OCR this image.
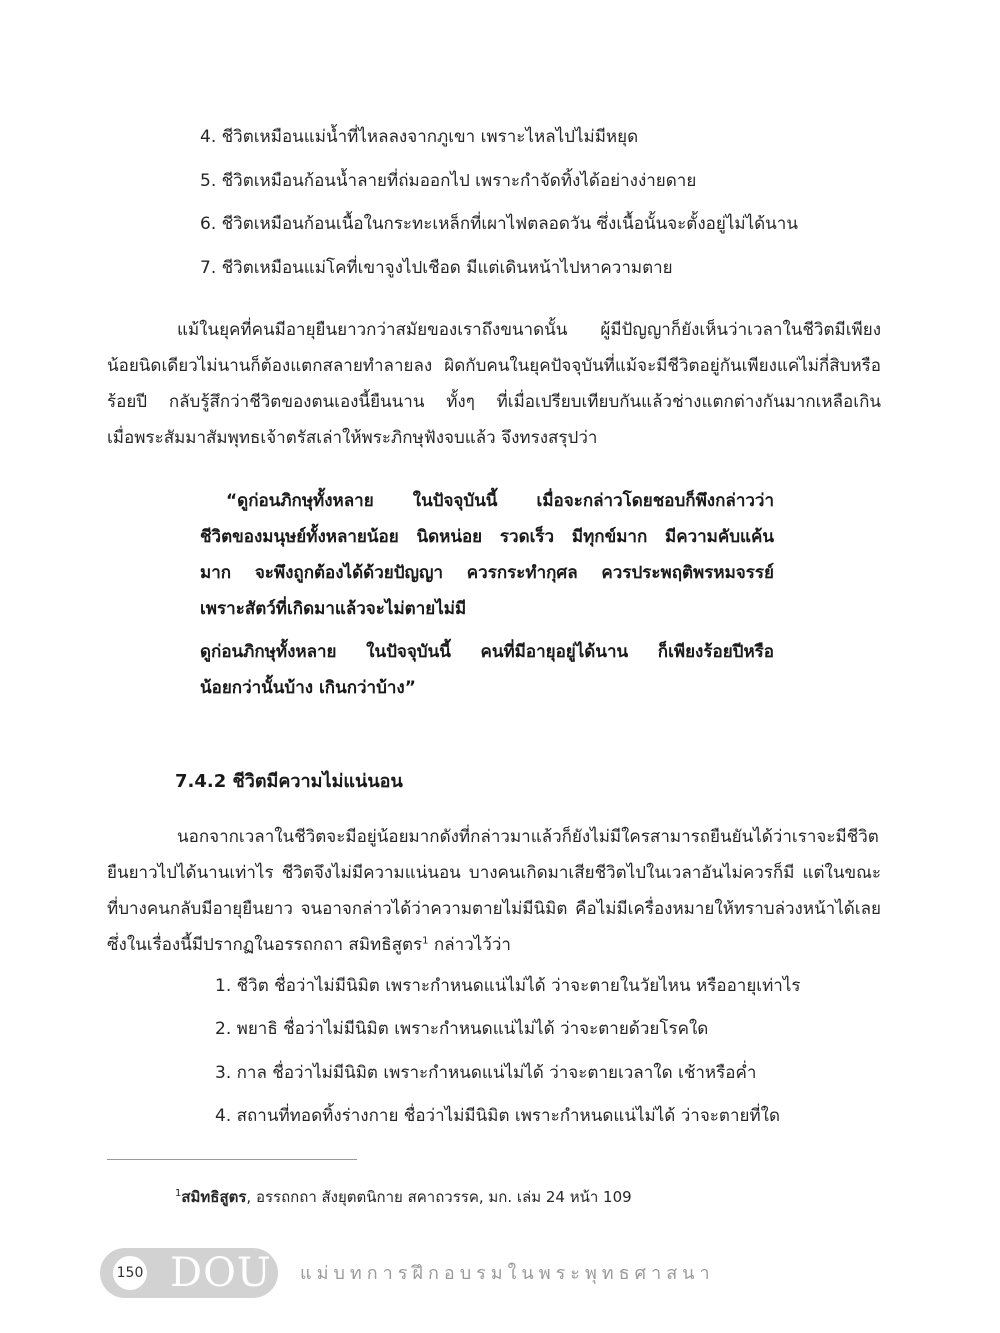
4. ชีวิตเหมือนแม่น้ำที่ไหลลงจากภูเขา เพราะไหลไปไม่มีหยุด
5. ชีวิตเหมือนก้อนน้ำลายที่ถ่มออกไป เพราะกำจัดทิ้งได้อย่างง่ายดาย
6. ชีวิตเหมือนก้อนเนื้อในกระทะเหล็กที่เผาไฟตลอดวัน ซึ่งเนื้อนั้นจะตั้งอยู่ไม่ได้นาน
7. ชีวิตเหมือนแม่โคที่เขาจูงไปเชือด มีแต่เดินหน้าไปหาความตาย
แม้ในยุคที่คนมีอายุยืนยาวกว่าสมัยของเราถึงขนาดนั้น ผู้มีปัญญาก็ยังเห็นว่าเวลาในชีวิตมีเพียง
น้อยนิดเดียวไม่นานก็ต้องแตกสลายทำลายลง ผิดกับคนในยุคปัจจุบันที่แม้จะมีชีวิตอยู่กันเพียงแค่ไม่กี่สิบหรือ
ร้อยปี กลับรู้สึกว่าชีวิตของตนเองนี้ยืนนาน ทั้งๆ ที่เมื่อเปรียบเทียบกันแล้วช่างแตกต่างกันมากเหลือเกิน
เมื่อพระสัมมาสัมพุทธเจ้าตรัสเล่าให้พระภิกษุฟังจบแล้ว จึงทรงสรุปว่า
“ดูก่อนภิกษุทั้งหลาย ในปัจจุบันนี้ เมื่อจะกล่าวโดยชอบก็พึงกล่าวว่า
ชีวิตของมนุษย์ทั้งหลายน้อย นิดหน่อย รวดเร็ว มีทุกข์มาก มีความคับแค้น
มาก จะพึงถูกต้องได้ด้วยปัญญา ควรกระทำกุศล ควรประพฤติพรหมจรรย์
เพราะสัตว์ที่เกิดมาแล้วจะไม่ตายไม่มี
ดูก่อนภิกษุทั้งหลาย ในปัจจุบันนี้ คนที่มีอายุอยู่ได้นาน ก็เพียงร้อยปีหรือ
น้อยกว่านั้นบ้าง เกินกว่าบ้าง”
7.4.2 ชีวิตมีความไม่แน่นอน
นอกจากเวลาในชีวิตจะมีอยู่น้อยมากดังที่กล่าวมาแล้วก็ยังไม่มีใครสามารถยืนยันได้ว่าเราจะมีชีวิต
ยืนยาวไปได้นานเท่าไร ชีวิตจึงไม่มีความแน่นอน บางคนเกิดมาเสียชีวิตไปในเวลาอันไม่ควรก็มี แต่ในขณะ
ที่บางคนกลับมีอายุยืนยาว จนอาจกล่าวได้ว่าความตายไม่มีนิมิต คือไม่มีเครื่องหมายให้ทราบล่วงหน้าได้เลย
ซึ่งในเรื่องนี้มีปรากฏในอรรถกถา สมิทธิสูตร$^1$ กล่าวไว้ว่า
1. ชีวิต ชื่อว่าไม่มีนิมิต เพราะกำหนดแน่ไม่ได้ ว่าจะตายในวัยไหน หรืออายุเท่าไร
2. พยาธิ ชื่อว่าไม่มีนิมิต เพราะกำหนดแน่ไม่ได้ ว่าจะตายด้วยโรคใด
3. กาล ชื่อว่าไม่มีนิมิต เพราะกำหนดแน่ไม่ได้ ว่าจะตายเวลาใด เช้าหรือค่ำ
4. สถานที่ทอดทิ้งร่างกาย ชื่อว่าไม่มีนิมิต เพราะกำหนดแน่ไม่ได้ ว่าจะตายที่ใด
$^1$สมิทธิสูตร, อรรถกถา สังยุตตนิกาย สคาถวรรค, มก. เล่ม 24 หน้า 109
150 DOU แม่บทการฝึกอบรมในพระพุทธศาสนา
